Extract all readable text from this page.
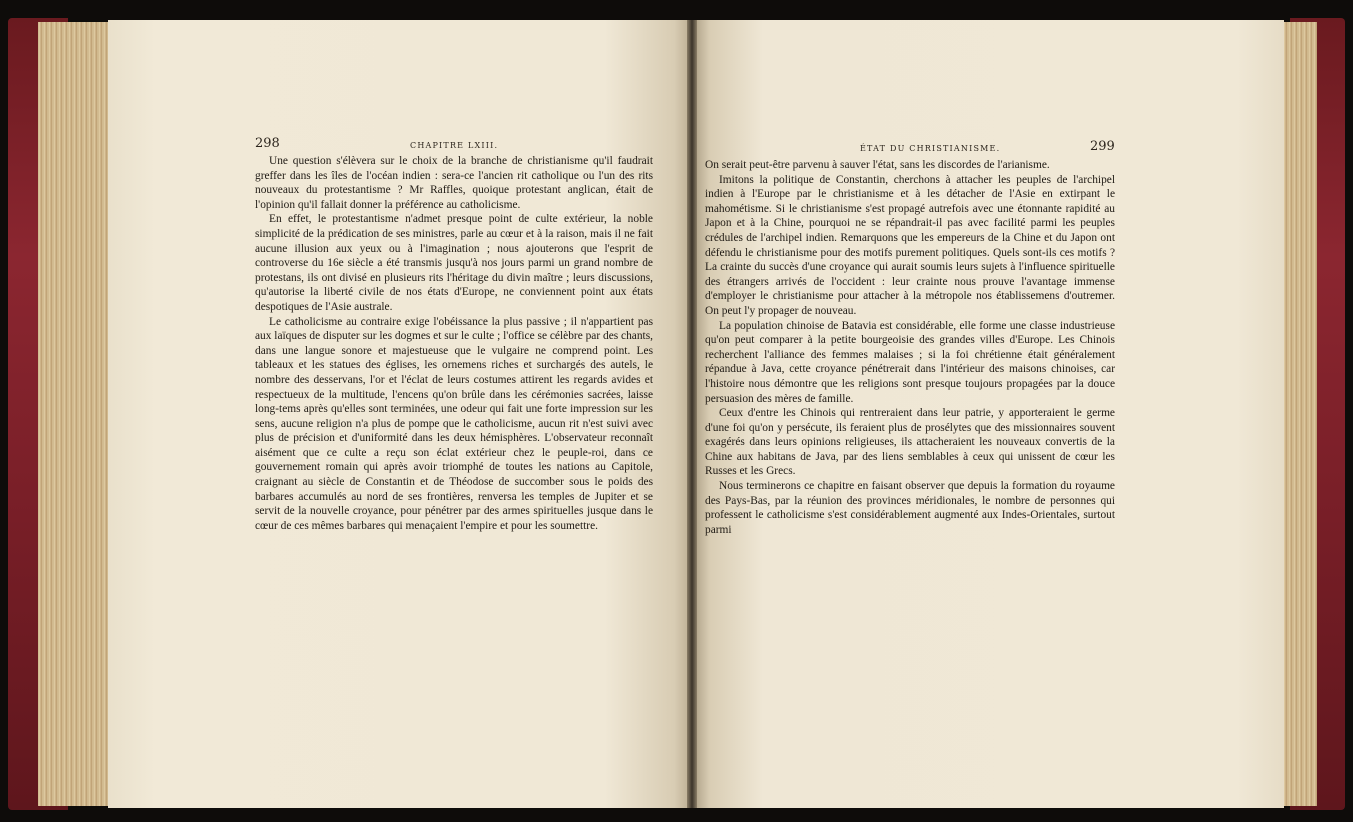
298	CHAPITRE LXIII.	ÉTAT DU CHRISTIANISME.	299

Une question s'élèvera sur le choix de la branche de christianisme qu'il faudrait greffer dans les îles de l'océan indien : sera-ce l'ancien rit catholique ou l'un des rits nouveaux du protestantisme ? Mr Raffles, quoique protestant anglican, était de l'opinion qu'il fallait donner la préférence au catholicisme.

En effet, le protestantisme n'admet presque point de culte extérieur, la noble simplicité de la prédication de ses ministres, parle au cœur et à la raison, mais il ne fait aucune illusion aux yeux ou à l'imagination ; nous ajouterons que l'esprit de controverse du 16e siècle a été transmis jusqu'à nos jours parmi un grand nombre de protestans, ils ont divisé en plusieurs rits l'héritage du divin maître ; leurs discussions, qu'autorise la liberté civile de nos états d'Europe, ne conviennent point aux états despotiques de l'Asie australe.

Le catholicisme au contraire exige l'obéissance la plus passive ; il n'appartient pas aux laïques de disputer sur les dogmes et sur le culte ; l'office se célèbre par des chants, dans une langue sonore et majestueuse que le vulgaire ne comprend point. Les tableaux et les statues des églises, les ornemens riches et surchargés des autels, le nombre des desservans, l'or et l'éclat de leurs costumes attirent les regards avides et respectueux de la multitude, l'encens qu'on brûle dans les cérémonies sacrées, laisse long-tems après qu'elles sont terminées, une odeur qui fait une forte impression sur les sens, aucune religion n'a plus de pompe que le catholicisme, aucun rit n'est suivi avec plus de précision et d'uniformité dans les deux hémisphères. L'observateur reconnaît aisément que ce culte a reçu son éclat extérieur chez le peuple-roi, dans ce gouvernement romain qui après avoir triomphé de toutes les nations au Capitole, craignant au siècle de Constantin et de Théodose de succomber sous le poids des barbares accumulés au nord de ses frontières, renversa les temples de Jupiter et se servit de la nouvelle croyance, pour pénétrer par des armes spirituelles jusque dans le cœur de ces mêmes barbares qui menaçaient l'empire et pour les soumettre.

On serait peut-être parvenu à sauver l'état, sans les discordes de l'arianisme.

Imitons la politique de Constantin, cherchons à attacher les peuples de l'archipel indien à l'Europe par le christianisme et à les détacher de l'Asie en extirpant le mahométisme. Si le christianisme s'est propagé autrefois avec une étonnante rapidité au Japon et à la Chine, pourquoi ne se répandrait-il pas avec facilité parmi les peuples crédules de l'archipel indien. Remarquons que les empereurs de la Chine et du Japon ont défendu le christianisme pour des motifs purement politiques. Quels sont-ils ces motifs ? La crainte du succès d'une croyance qui aurait soumis leurs sujets à l'influence spirituelle des étrangers arrivés de l'occident : leur crainte nous prouve l'avantage immense d'employer le christianisme pour attacher à la métropole nos établissemens d'outremer. On peut l'y propager de nouveau.

La population chinoise de Batavia est considérable, elle forme une classe industrieuse qu'on peut comparer à la petite bourgeoisie des grandes villes d'Europe. Les Chinois recherchent l'alliance des femmes malaises ; si la foi chrétienne était généralement répandue à Java, cette croyance pénétrerait dans l'intérieur des maisons chinoises, car l'histoire nous démontre que les religions sont presque toujours propagées par la douce persuasion des mères de famille.

Ceux d'entre les Chinois qui rentreraient dans leur patrie, y apporteraient le germe d'une foi qu'on y persécute, ils feraient plus de prosélytes que des missionnaires souvent exagérés dans leurs opinions religieuses, ils attacheraient les nouveaux convertis de la Chine aux habitans de Java, par des liens semblables à ceux qui unissent de cœur les Russes et les Grecs.

Nous terminerons ce chapitre en faisant observer que depuis la formation du royaume des Pays-Bas, par la réunion des provinces méridionales, le nombre de personnes qui professent le catholicisme s'est considérablement augmenté aux Indes-Orientales, surtout parmi
